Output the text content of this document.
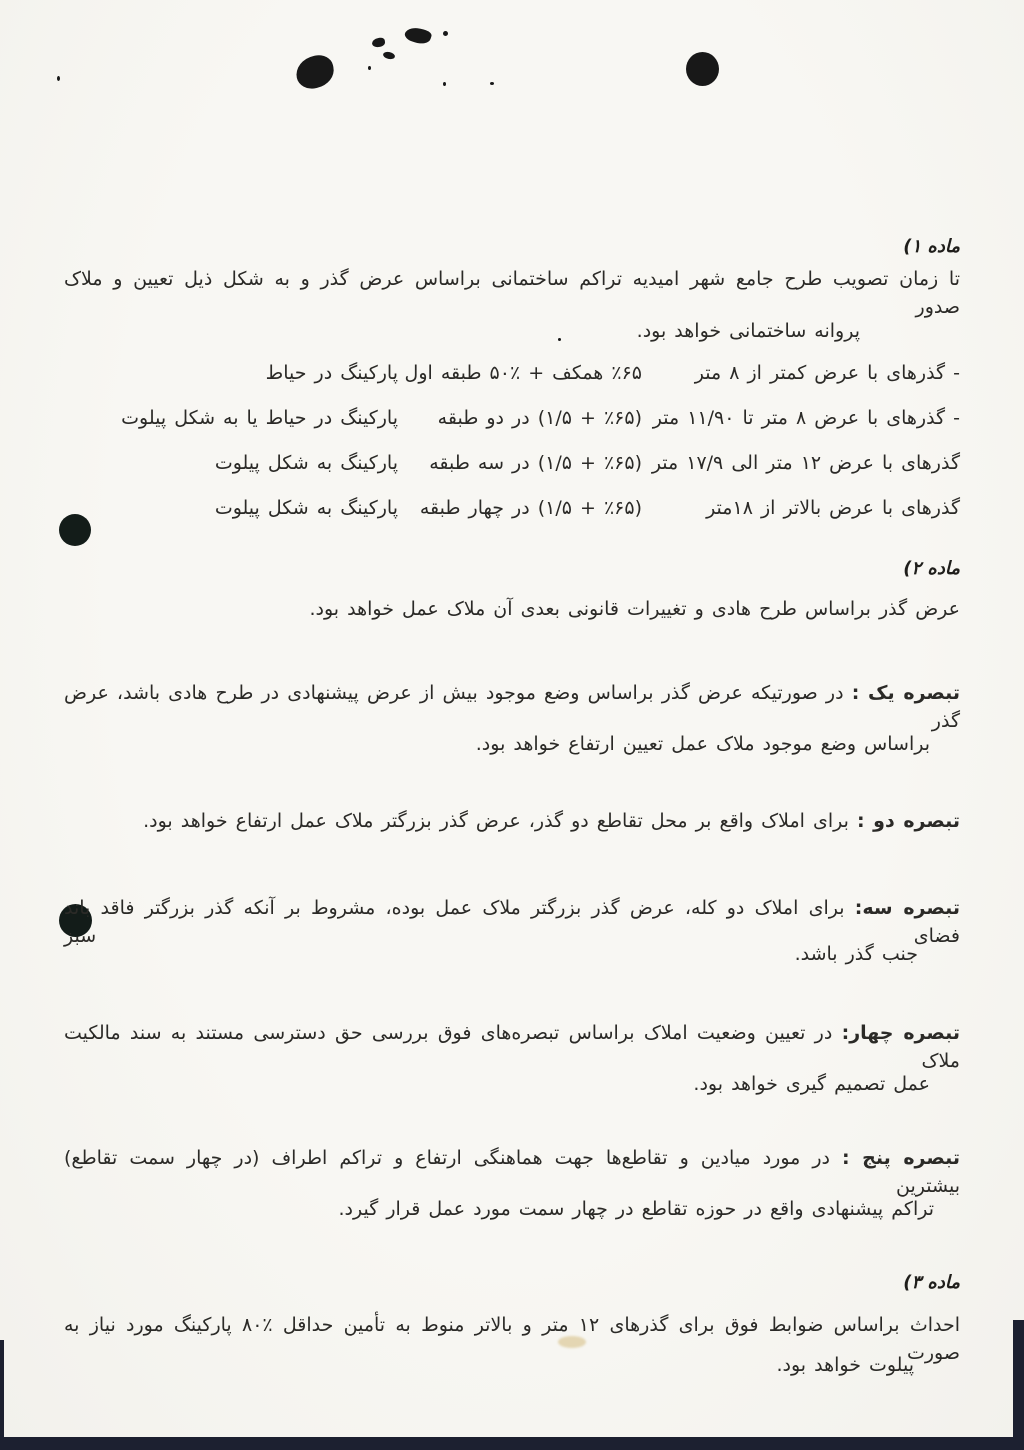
ماده ۱)
تا زمان تصویب طرح جامع شهر امیدیه تراکم ساختمانی براساس عرض گذر و به شکل ذیل تعیین و ملاک صدور
پروانه ساختمانی خواهد بود.
- گذرهای با عرض کمتر از ۸ متر
٪۶۵ همکف + ٪۵۰ طبقه اول
پارکینگ در حیاط
- گذرهای با عرض ۸ متر تا ۱۱/۹۰ متر
(٪۶۵ + ۱/۵) در دو طبقه
پارکینگ در حیاط یا به شکل پیلوت
گذرهای با عرض ۱۲ متر الی ۱۷/۹ متر
(٪۶۵ + ۱/۵) در سه طبقه
پارکینگ به شکل پیلوت
گذرهای با عرض بالاتر از ۱۸متر
(٪۶۵ + ۱/۵) در چهار طبقه
پارکینگ به شکل پیلوت
ماده ۲)
عرض گذر براساس طرح هادی و تغییرات قانونی بعدی آن ملاک عمل خواهد بود.
تبصره یک : در صورتیکه عرض گذر براساس وضع موجود بیش از عرض پیشنهادی در طرح هادی باشد، عرض گذر
براساس وضع موجود ملاک عمل تعیین ارتفاع خواهد بود.
تبصره دو : برای املاک واقع بر محل تقاطع دو گذر، عرض گذر بزرگتر ملاک عمل ارتفاع خواهد بود.
تبصره سه: برای املاک دو کله، عرض گذر بزرگتر ملاک عمل بوده، مشروط بر آنکه گذر بزرگتر فاقد باند فضای سبز
جنب گذر باشد.
تبصره چهار: در تعیین وضعیت املاک براساس تبصره‌های فوق بررسی حق دسترسی مستند به سند مالکیت ملاک
عمل تصمیم گیری خواهد بود.
تبصره پنج : در مورد میادین و تقاطع‌ها جهت هماهنگی ارتفاع و تراکم اطراف (در چهار سمت تقاطع) بیشترین
تراکم پیشنهادی واقع در حوزه تقاطع در چهار سمت مورد عمل قرار گیرد.
ماده ۳)
احداث براساس ضوابط فوق برای گذرهای ۱۲ متر و بالاتر منوط به تأمین حداقل ٪۸۰ پارکینگ مورد نیاز به صورت
پیلوت خواهد بود.
